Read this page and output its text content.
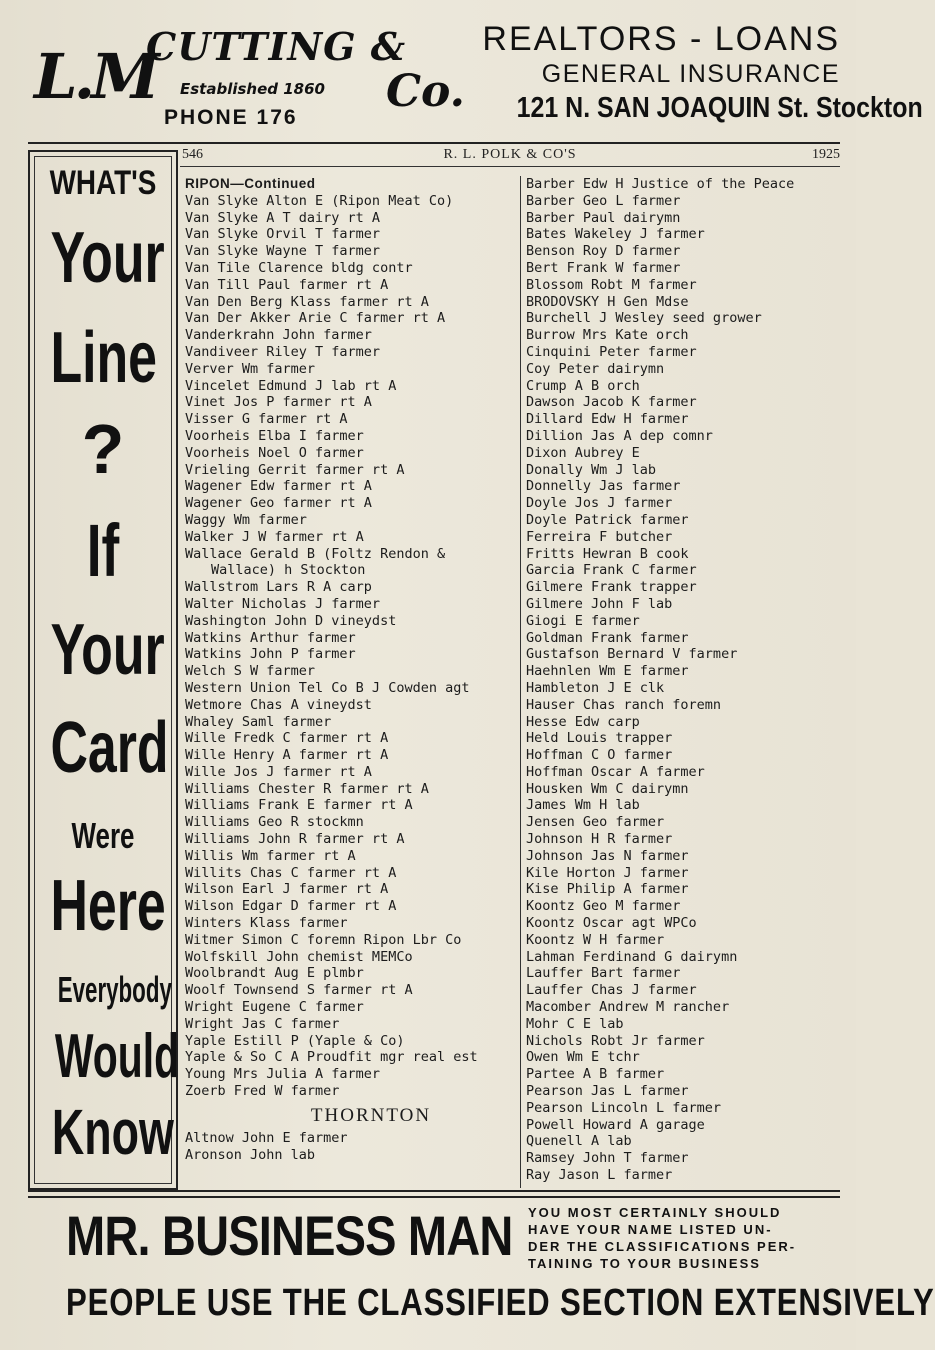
L.M
CUTTING &
Co.
Established 1860
PHONE 176
REALTORS - LOANS
GENERAL INSURANCE
121 N. SAN JOAQUIN St. Stockton
546	R. L. POLK & CO'S	1925
WHAT'S
Your
Line
?
If
Your
Card
Were
Here
Everybody
Would
Know
RIPON—Continued
Van Slyke Alton E (Ripon Meat Co)
Van Slyke A T dairy rt A
Van Slyke Orvil T farmer
Van Slyke Wayne T farmer
Van Tile Clarence bldg contr
Van Till Paul farmer rt A
Van Den Berg Klass farmer rt A
Van Der Akker Arie C farmer rt A
Vanderkrahn John farmer
Vandiveer Riley T farmer
Verver Wm farmer
Vincelet Edmund J lab rt A
Vinet Jos P farmer rt A
Visser G farmer rt A
Voorheis Elba I farmer
Voorheis Noel O farmer
Vrieling Gerrit farmer rt A
Wagener Edw farmer rt A
Wagener Geo farmer rt A
Waggy Wm farmer
Walker J W farmer rt A
Wallace Gerald B (Foltz Rendon &
Wallace) h Stockton
Wallstrom Lars R A carp
Walter Nicholas J farmer
Washington John D vineydst
Watkins Arthur farmer
Watkins John P farmer
Welch S W farmer
Western Union Tel Co B J Cowden agt
Wetmore Chas A vineydst
Whaley Saml farmer
Wille Fredk C farmer rt A
Wille Henry A farmer rt A
Wille Jos J farmer rt A
Williams Chester R farmer rt A
Williams Frank E farmer rt A
Williams Geo R stockmn
Williams John R farmer rt A
Willis Wm farmer rt A
Willits Chas C farmer rt A
Wilson Earl J farmer rt A
Wilson Edgar D farmer rt A
Winters Klass farmer
Witmer Simon C foremn Ripon Lbr Co
Wolfskill John chemist MEMCo
Woolbrandt Aug E plmbr
Woolf Townsend S farmer rt A
Wright Eugene C farmer
Wright Jas C farmer
Yaple Estill P (Yaple & Co)
Yaple & So C A Proudfit mgr real est
Young Mrs Julia A farmer
Zoerb Fred W farmer
THORNTON
Altnow John E farmer
Aronson John lab
Barber Edw H Justice of the Peace
Barber Geo L farmer
Barber Paul dairymn
Bates Wakeley J farmer
Benson Roy D farmer
Bert Frank W farmer
Blossom Robt M farmer
BRODOVSKY H Gen Mdse
Burchell J Wesley seed grower
Burrow Mrs Kate orch
Cinquini Peter farmer
Coy Peter dairymn
Crump A B orch
Dawson Jacob K farmer
Dillard Edw H farmer
Dillion Jas A dep comnr
Dixon Aubrey E
Donally Wm J lab
Donnelly Jas farmer
Doyle Jos J farmer
Doyle Patrick farmer
Ferreira F butcher
Fritts Hewran B cook
Garcia Frank C farmer
Gilmere Frank trapper
Gilmere John F lab
Giogi E farmer
Goldman Frank farmer
Gustafson Bernard V farmer
Haehnlen Wm E farmer
Hambleton J E clk
Hauser Chas ranch foremn
Hesse Edw carp
Held Louis trapper
Hoffman C O farmer
Hoffman Oscar A farmer
Housken Wm C dairymn
James Wm H lab
Jensen Geo farmer
Johnson H R farmer
Johnson Jas N farmer
Kile Horton J farmer
Kise Philip A farmer
Koontz Geo M farmer
Koontz Oscar agt WPCo
Koontz W H farmer
Lahman Ferdinand G dairymn
Lauffer Bart farmer
Lauffer Chas J farmer
Macomber Andrew M rancher
Mohr C E lab
Nichols Robt Jr farmer
Owen Wm E tchr
Partee A B farmer
Pearson Jas L farmer
Pearson Lincoln L farmer
Powell Howard A garage
Quenell A lab
Ramsey John T farmer
Ray Jason L farmer
MR. BUSINESS MAN YOU MOST CERTAINLY SHOULD
HAVE YOUR NAME LISTED UN-
DER THE CLASSIFICATIONS PER-
TAINING TO YOUR BUSINESS
PEOPLE USE THE CLASSIFIED SECTION EXTENSIVELY
